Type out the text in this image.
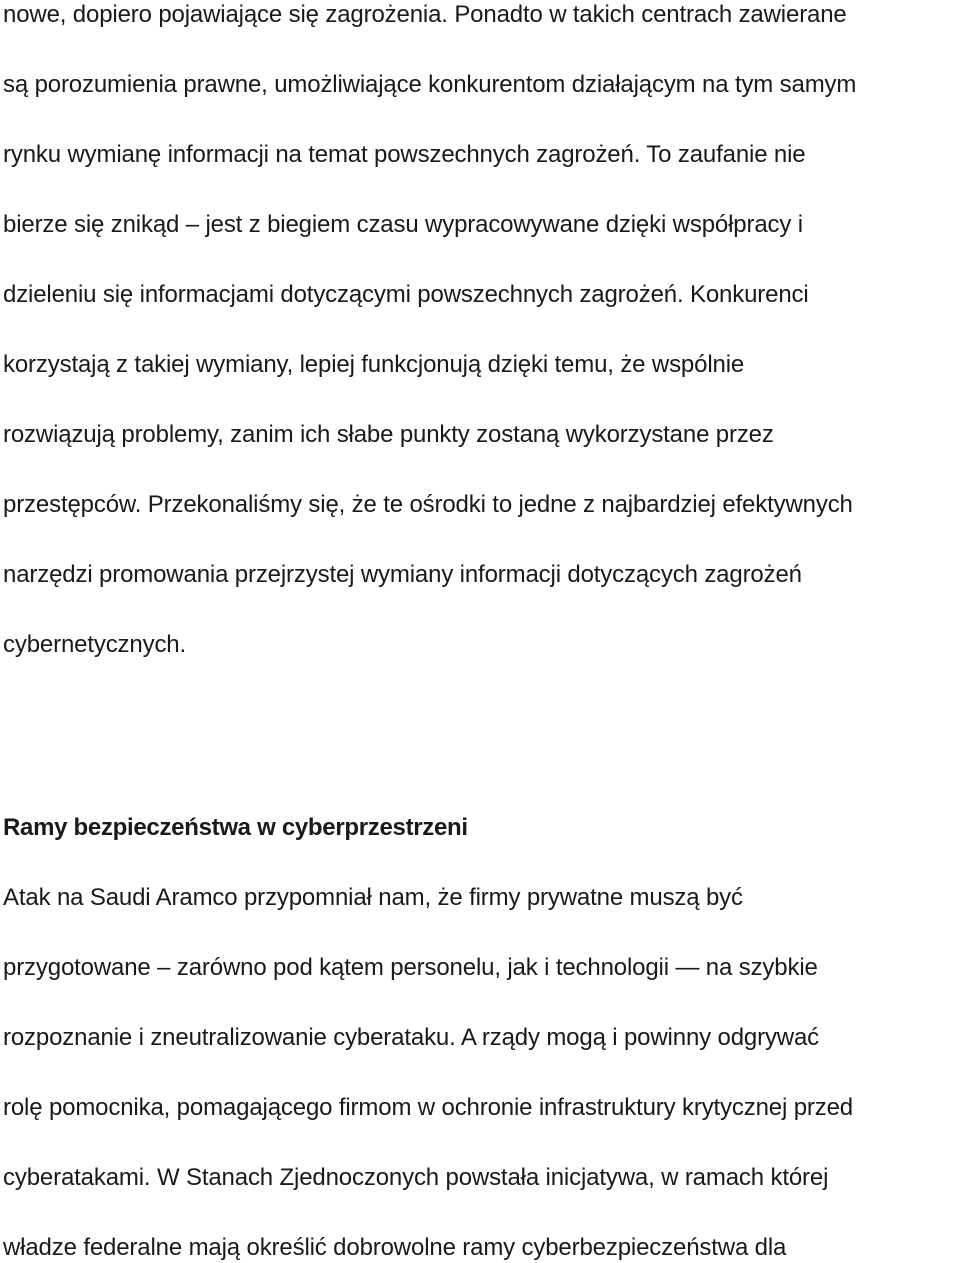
nowe, dopiero pojawiające się zagrożenia. Ponadto w takich centrach zawierane
są porozumienia prawne, umożliwiające konkurentom działającym na tym samym
rynku wymianę informacji na temat powszechnych zagrożeń. To zaufanie nie
bierze się znikąd – jest z biegiem czasu wypracowywane dzięki współpracy i
dzieleniu się informacjami dotyczącymi powszechnych zagrożeń. Konkurenci
korzystają z takiej wymiany, lepiej funkcjonują dzięki temu, że wspólnie
rozwiązują problemy, zanim ich słabe punkty zostaną wykorzystane przez
przestępców. Przekonaliśmy się, że te ośrodki to jedne z najbardziej efektywnych
narzędzi promowania przejrzystej wymiany informacji dotyczących zagrożeń
cybernetycznych.
Ramy bezpieczeństwa w cyberprzestrzeni
Atak na Saudi Aramco przypomniał nam, że firmy prywatne muszą być
przygotowane – zarówno pod kątem personelu, jak i technologii — na szybkie
rozpoznanie i zneutralizowanie cyberataku. A rządy mogą i powinny odgrywać
rolę pomocnika, pomagającego firmom w ochronie infrastruktury krytycznej przed
cyberatakami. W Stanach Zjednoczonych powstała inicjatywa, w ramach której
władze federalne mają określić dobrowolne ramy cyberbezpieczeństwa dla
